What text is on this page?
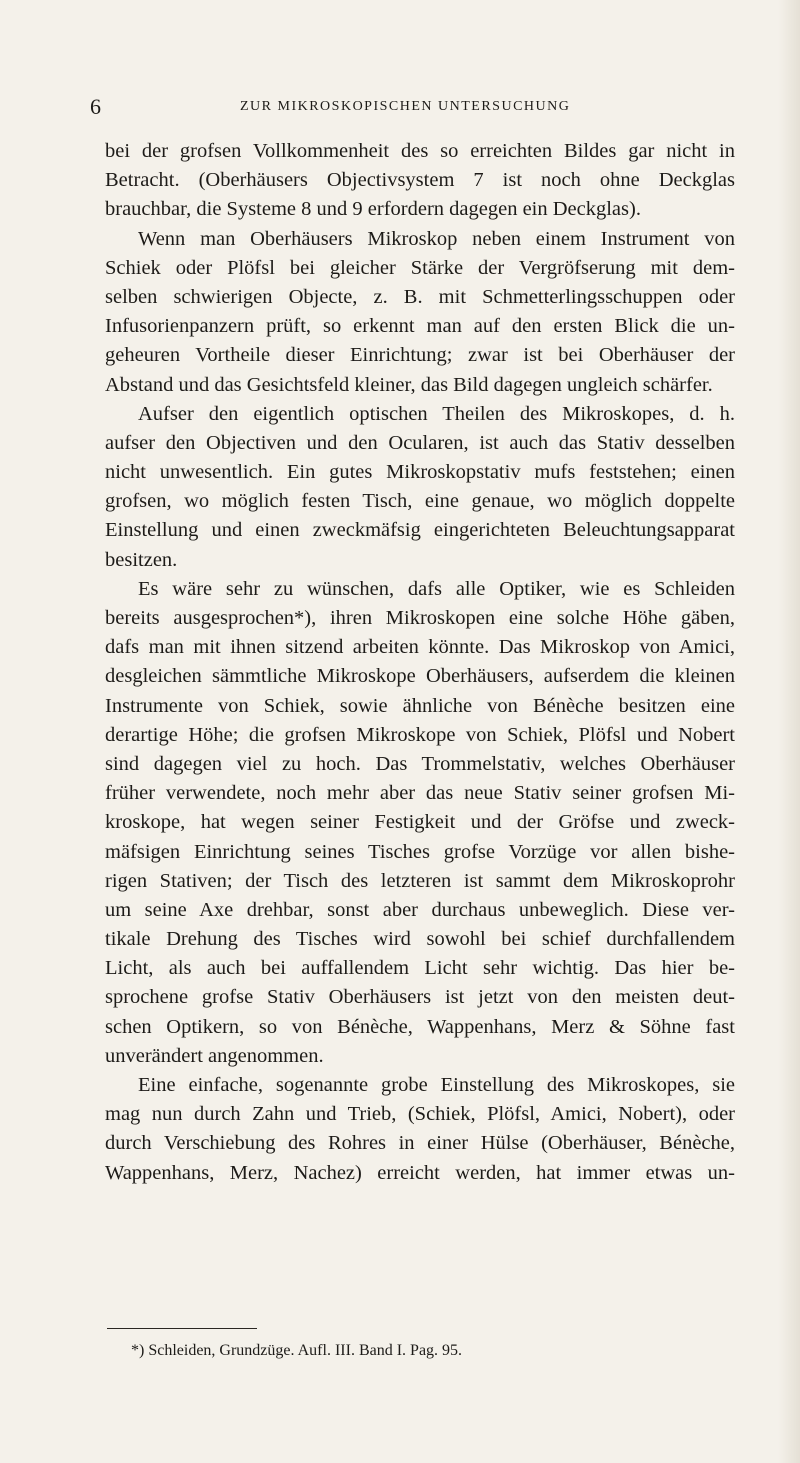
6	ZUR MIKROSKOPISCHEN UNTERSUCHUNG
bei der grofsen Vollkommenheit des so erreichten Bildes gar nicht in
Betracht. (Oberhäusers Objectivsystem 7 ist noch ohne Deckglas
brauchbar, die Systeme 8 und 9 erfordern dagegen ein Deckglas).
Wenn man Oberhäusers Mikroskop neben einem Instrument von
Schiek oder Plöfsl bei gleicher Stärke der Vergröfserung mit dem-
selben schwierigen Objecte, z. B. mit Schmetterlingsschuppen oder
Infusorienpanzern prüft, so erkennt man auf den ersten Blick die un-
geheuren Vortheile dieser Einrichtung; zwar ist bei Oberhäuser der
Abstand und das Gesichtsfeld kleiner, das Bild dagegen ungleich schärfer.
Aufser den eigentlich optischen Theilen des Mikroskopes, d. h.
aufser den Objectiven und den Ocularen, ist auch das Stativ desselben
nicht unwesentlich. Ein gutes Mikroskopstativ mufs feststehen; einen
grofsen, wo möglich festen Tisch, eine genaue, wo möglich doppelte
Einstellung und einen zweckmäfsig eingerichteten Beleuchtungsapparat
besitzen.
Es wäre sehr zu wünschen, dafs alle Optiker, wie es Schleiden
bereits ausgesprochen*), ihren Mikroskopen eine solche Höhe gäben,
dafs man mit ihnen sitzend arbeiten könnte. Das Mikroskop von Amici,
desgleichen sämmtliche Mikroskope Oberhäusers, aufserdem die kleinen
Instrumente von Schiek, sowie ähnliche von Bénèche besitzen eine
derartige Höhe; die grofsen Mikroskope von Schiek, Plöfsl und Nobert
sind dagegen viel zu hoch. Das Trommelstativ, welches Oberhäuser
früher verwendete, noch mehr aber das neue Stativ seiner grofsen Mi-
kroskope, hat wegen seiner Festigkeit und der Gröfse und zweck-
mäfsigen Einrichtung seines Tisches grofse Vorzüge vor allen bishe-
rigen Stativen; der Tisch des letzteren ist sammt dem Mikroskoprohr
um seine Axe drehbar, sonst aber durchaus unbeweglich. Diese ver-
tikale Drehung des Tisches wird sowohl bei schief durchfallendem
Licht, als auch bei auffallendem Licht sehr wichtig. Das hier be-
sprochene grofse Stativ Oberhäusers ist jetzt von den meisten deut-
schen Optikern, so von Bénèche, Wappenhans, Merz & Söhne fast
unverändert angenommen.
Eine einfache, sogenannte grobe Einstellung des Mikroskopes, sie
mag nun durch Zahn und Trieb, (Schiek, Plöfsl, Amici, Nobert), oder
durch Verschiebung des Rohres in einer Hülse (Oberhäuser, Bénèche,
Wappenhans, Merz, Nachez) erreicht werden, hat immer etwas un-
*) Schleiden, Grundzüge. Aufl. III. Band I. Pag. 95.
